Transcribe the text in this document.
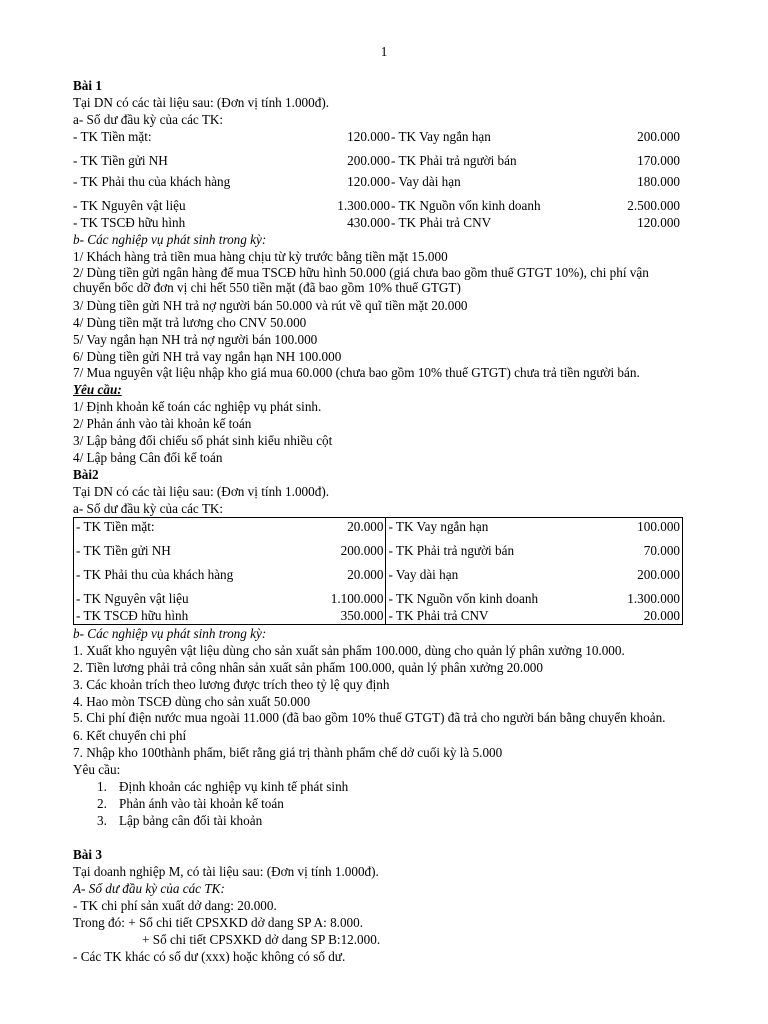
1
Bài 1
Tại DN có các tài liệu sau: (Đơn vị tính 1.000đ).
a- Số dư đầu kỳ của các TK:
- TK Tiền mặt:	120.000 - TK Vay ngắn hạn	200.000
- TK Tiền gửi NH	200.000 - TK Phải trả người bán	170.000
- TK Phải thu của khách hàng	120.000 - Vay dài hạn	180.000
- TK Nguyên vật liệu	1.300.000 - TK Nguồn vốn kinh doanh	2.500.000
- TK TSCĐ hữu hình	430.000 - TK Phải trả CNV	120.000
b- Các nghiệp vụ phát sinh trong kỳ:
1/ Khách hàng trả tiền mua hàng chịu từ kỳ trước bằng tiền mặt 15.000
2/ Dùng tiền gửi ngân hàng để mua TSCĐ hữu hình 50.000 (giá chưa bao gồm thuế GTGT 10%), chi phí vận chuyển bốc dỡ đơn vị chi hết 550 tiền mặt (đã bao gồm 10% thuế GTGT)
3/ Dùng tiền gửi NH trả nợ người bán 50.000 và rút về quĩ tiền mặt 20.000
4/ Dùng tiền mặt trả lương cho CNV 50.000
5/ Vay ngắn hạn NH trả nợ người bán 100.000
6/ Dùng tiền gửi NH trả vay ngắn hạn NH 100.000
7/ Mua nguyên vật liệu nhập kho giá mua 60.000 (chưa bao gồm 10% thuế GTGT) chưa trả tiền người bán.
Yêu cầu:
1/ Định khoản kế toán các nghiệp vụ phát sinh.
2/ Phản ánh vào tài khoản kế toán
3/ Lập bảng đối chiếu số phát sinh kiểu nhiều cột
4/ Lập bảng Cân đối kế toán
Bài2
Tại DN có các tài liệu sau: (Đơn vị tính 1.000đ).
a- Số dư đầu kỳ của các TK:
- TK Tiền mặt:	20.000	- TK Vay ngắn hạn	100.000
- TK Tiền gửi NH	200.000	- TK Phải trả người bán	70.000
- TK Phải thu của khách hàng	20.000	- Vay dài hạn	200.000
- TK Nguyên vật liệu	1.100.000	- TK Nguồn vốn kinh doanh	1.300.000
- TK TSCĐ hữu hình	350.000	- TK Phải trả CNV	20.000
b- Các nghiệp vụ phát sinh trong kỳ:
1. Xuất kho nguyên vật liệu dùng cho sản xuất sản phẩm 100.000, dùng cho quản lý phân xưởng 10.000.
2. Tiền lương phải trả công nhân sản xuất sản phẩm 100.000, quản lý phân xưởng 20.000
3. Các khoản trích theo lương được trích theo tỷ lệ quy định
4. Hao mòn TSCĐ dùng cho sản xuất 50.000
5. Chi phí điện nước mua ngoài 11.000 (đã bao gồm 10% thuế GTGT) đã trả cho người bán bằng chuyển khoản.
6. Kết chuyển chi phí
7. Nhập kho 100thành phẩm, biết rằng giá trị thành phẩm chế dở cuối kỳ là 5.000
Yêu cầu:
1. Định khoản các nghiệp vụ kinh tế phát sinh
2. Phản ánh vào tài khoản kế toán
3. Lập bảng cân đối tài khoản
Bài 3
Tại doanh nghiệp M, có tài liệu sau: (Đơn vị tính 1.000đ).
A- Số dư đầu kỳ của các TK:
- TK chi phí sản xuất dở dang: 20.000.
Trong đó: + Sổ chi tiết CPSXKD dở dang SP A: 8.000.
+ Sổ chi tiết CPSXKD dở dang SP B:12.000.
- Các TK khác có số dư (xxx) hoặc không có số dư.
